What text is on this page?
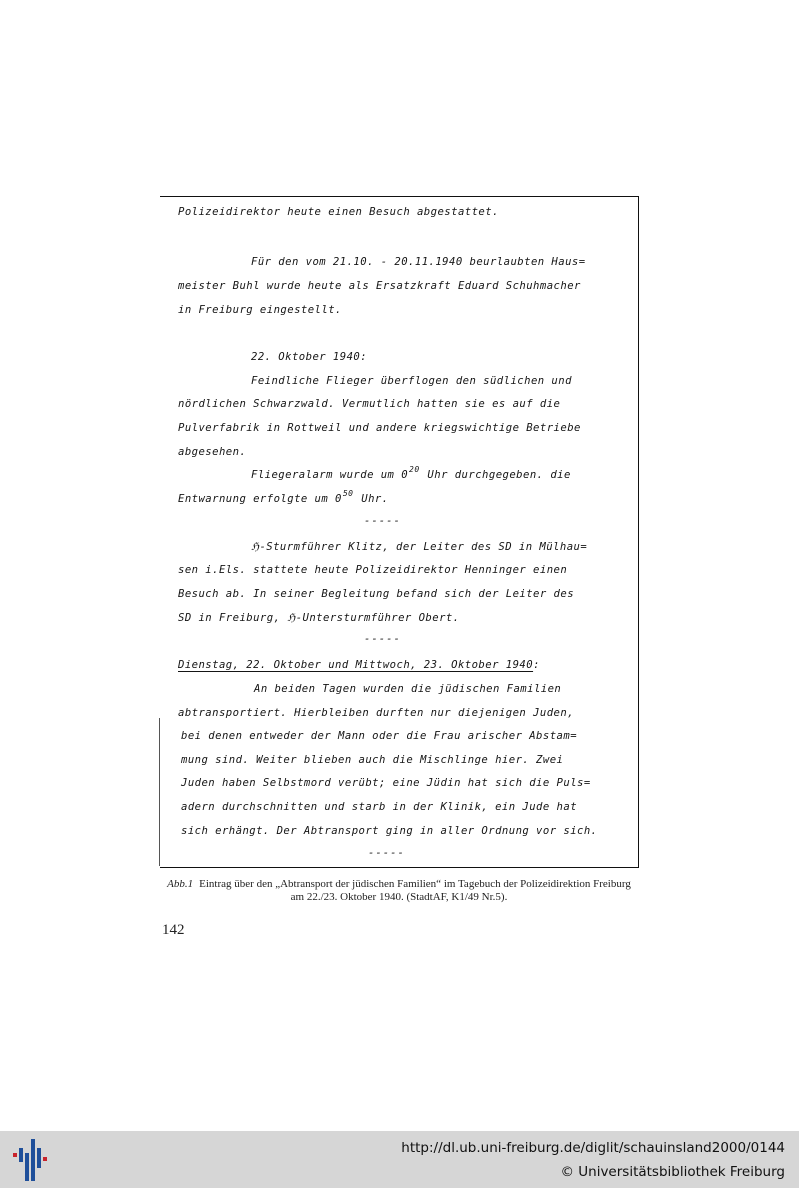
Polizeidirektor heute einen Besuch abgestattet.
Für den vom 21.10. - 20.11.1940 beurlaubten Haus=
meister Buhl wurde heute als Ersatzkraft Eduard Schuhmacher
in Freiburg eingestellt.
22. Oktober 1940:
Feindliche Flieger überflogen den südlichen und
nördlichen Schwarzwald. Vermutlich hatten sie es auf die
Pulverfabrik in Rottweil und andere kriegswichtige Betriebe
abgesehen.
Fliegeralarm wurde um $0^{20}$ Uhr durchgegeben. die
Entwarnung erfolgte um $0^{50}$ Uhr.
-----
ℌ-Sturmführer Klitz, der Leiter des SD in Mülhau=
sen i.Els. stattete heute Polizeidirektor Henninger einen
Besuch ab. In seiner Begleitung befand sich der Leiter des
SD in Freiburg, ℌ-Untersturmführer Obert.
-----
Dienstag, 22. Oktober und Mittwoch, 23. Oktober 1940:
An beiden Tagen wurden die jüdischen Familien
abtransportiert. Hierbleiben durften nur diejenigen Juden,
bei denen entweder der Mann oder die Frau arischer Abstam=
mung sind. Weiter blieben auch die Mischlinge hier. Zwei
Juden haben Selbstmord verübt; eine Jüdin hat sich die Puls=
adern durchschnitten und starb in der Klinik, ein Jude hat
sich erhängt. Der Abtransport ging in aller Ordnung vor sich.
-----
Abb.1 Eintrag über den „Abtransport der jüdischen Familien“ im Tagebuch der Polizeidirektion Freiburg am 22./23. Oktober 1940. (StadtAF, K1/49 Nr.5).
142
http://dl.ub.uni-freiburg.de/diglit/schauinsland2000/0144
© Universitätsbibliothek Freiburg
